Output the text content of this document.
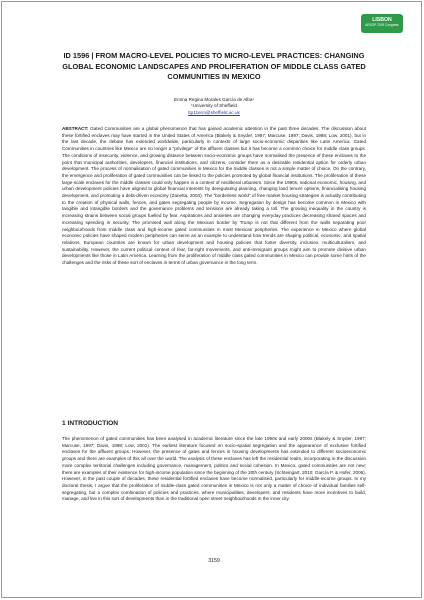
LISBON
AESOP 2019 Congress
ID 1596 | FROM MACRO-LEVEL POLICIES TO MICRO-LEVEL PRACTICES: CHANGING GLOBAL ECONOMIC LANDSCAPES AND PROLIFERATION OF MIDDLE CLASS GATED COMMUNITIES IN MEXICO
Emma Regina Morales García de Alba¹
¹University of Sheffield
ttp11erm@sheffield.ac.uk

ABSTRACT: Gated Communities are a global phenomenon that has gained academic attention in the past three decades. The discussion about these fortified enclaves may have started in the United States of America (Blakely & Snyder, 1997; Marcuse, 1997; Davis, 1998; Low, 2001), but in the last decade, the debate has extended worldwide, particularly in contexts of large socio-economic disparities like Latin America. Gated Communities in countries like Mexico are no longer a "privilege" of the affluent classes but it has become a common choice for middle class groups. The conditions of insecurity, violence, and growing distance between socio-economic groups have normalised the presence of these enclaves to the point that municipal authorities, developers, financial institutions, and citizens, consider them as a desirable residential option for orderly urban development. The process of normalisation of gated communities in Mexico for the middle classes is not a simple matter of choice. On the contrary, the emergence and proliferation of gated communities can be linked to the policies promoted by global financial institutions. The proliferation of these large-scale enclaves for the middle classes could only happen in a context of neoliberal urbanism. Since the 1990s, national economic, housing, and urban development policies have aligned to global financial interests by deregulating planning, changing land tenure options, financialising housing development, and promoting a debt-driven economy (Zanetta, 2004). The "borderless world" of free market housing strategies is actually contributing to the creation of physical walls, fences, and gates segregating people by income. Segregation by design has become common in Mexico with tangible and intangible borders and the governance problems and tensions are already taking a toll. The growing inequality in the country is increasing strains between social groups fuelled by fear. Aspirations and anxieties are changing everyday practices decreasing shared spaces and increasing spending in security. The promised wall along the Mexican border by Trump is not that different from the walls separating poor neighbourhoods from middle class and high-income gated communities in most Mexican peripheries. The experience in Mexico where global economic policies have shaped modern peripheries can serve as an example to understand how trends are shaping political, economic, and spatial relations. European countries are known for urban development and housing policies that foster diversity, inclusion, multiculturalism, and sustainability. However, the current political context of fear, far-right movements, and anti-immigrant groups might aim to promote divisive urban developments like those in Latin America. Learning from the proliferation of middle class gated communities in Mexico can provide some hints of the challenges and the risks of these sort of enclaves in terms of urban governance in the long term.

1 INTRODUCTION

The phenomenon of gated communities has been analysed in academic literature since the late 1990s and early 2000s (Blakely & Snyder, 1997; Marcuse, 1997; Davis, 1998; Low, 2001). The earliest literature focused on socio-spatial segregation and the appearance of exclusive fortified enclaves for the affluent groups. However, the presence of gates and fences in housing developments has extended to different socioeconomic groups and there are examples of this all over the world. The analysis of these enclaves has left the residential realm, incorporating in the discussion more complex territorial challenges including governance, management, politics and social cohesion. In Mexico, gated communities are not new; there are examples of their existence for high-income population since the beginning of the 20th century (Schteingart, 2010; García P. & Hofer, 2006). However, in the past couple of decades, these residential fortified enclaves have become normalised, particularly for middle-income groups. In my doctoral thesis, I argue that the proliferation of middle-class gated communities in Mexico is not only a matter of choice of individual families self-segregating, but a complex combination of policies and practices, where municipalities, developers, and residents have more incentives to build, manage, and live in this sort of developments than in the traditional open street neighbourhoods in the inner city.

3159
